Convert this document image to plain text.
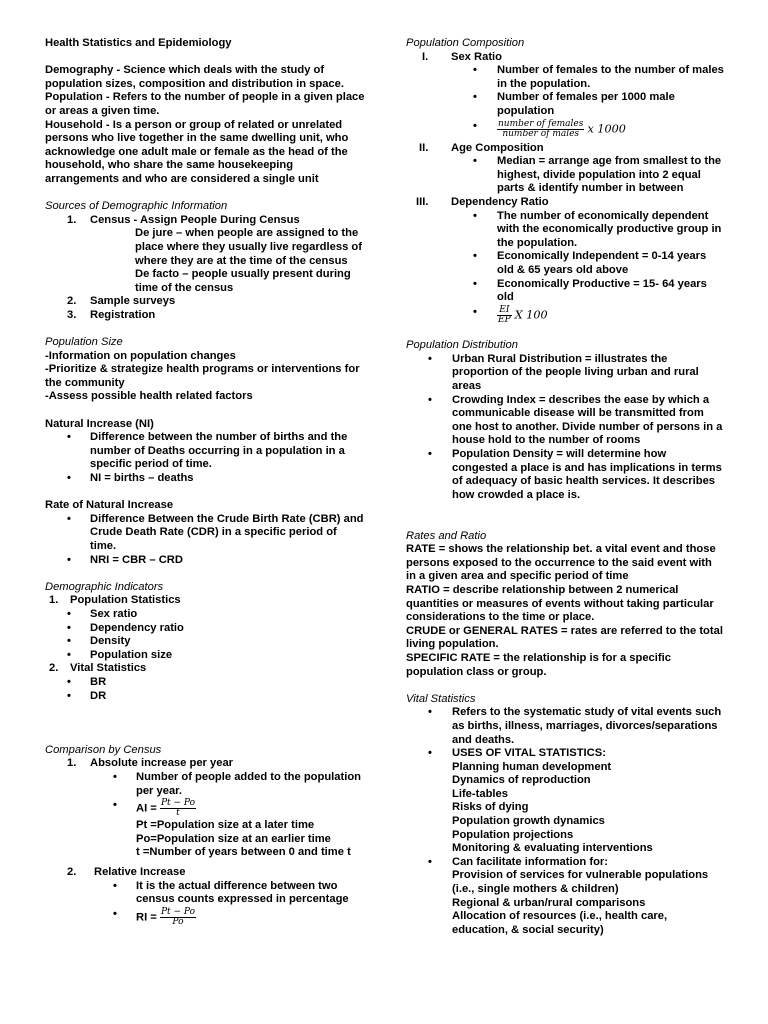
Health Statistics and Epidemiology

Demography - Science which deals with the study of population sizes, composition and distribution in space.

Population - Refers to the number of people in a given place or areas a given time.

Household - Is a person or group of related or unrelated persons who live together in the same dwelling unit, who acknowledge one adult male or female as the head of the household, who share the same housekeeping arrangements and who are considered a single unit

Sources of Demographic Information

1.	Census - Assign People During Census

De jure – when people are assigned to the place where they usually live regardless of where they are at the time of the census

De facto – people usually present during time of the census

2.	Sample surveys
3.	Registration

Population Size

-Information on population changes

-Prioritize & strategize health programs or interventions for the community

-Assess possible health related factors

Natural Increase (NI)

•	Difference between the number of births and the number of Deaths occurring in a population in a specific period of time.
•	NI = births – deaths

Rate of Natural Increase

•	Difference Between the Crude Birth Rate (CBR) and Crude Death Rate (CDR) in a specific period of time.
•	NRI = CBR – CRD

Demographic Indicators

1.	Population Statistics
•	Sex ratio
•	Dependency ratio
•	Density
•	Population size
2.	Vital Statistics
•	BR
•	DR

Comparison by Census

1.	Absolute increase per year
•	Number of people added to the population per year.
•	AI = $\frac{Pt - Po}{t}$

Pt =Population size at a later time

Po=Population size at an earlier time

t =Number of years between 0 and time t

2.	Relative Increase
•	It is the actual difference between two census counts expressed in percentage
•	RI = $\frac{Pt - Po}{Po}$

Population Composition

I.	Sex Ratio
•	Number of females to the number of males in the population.
•	Number of females per 1000 male population
•	$\frac{\text{number of females}}{\text{number of males}}$ x 1000
II.	Age Composition
•	Median = arrange age from smallest to the highest, divide population into 2 equal parts & identify number in between
III.	Dependency Ratio
•	The number of economically dependent with the economically productive group in the population.
•	Economically Independent = 0-14 years old & 65 years old above
•	Economically Productive = 15- 64 years old
•	$\frac{EI}{EP}$ X 100

Population Distribution

•	Urban Rural Distribution = illustrates the proportion of the people living urban and rural areas
•	Crowding Index = describes the ease by which a communicable disease will be transmitted from one host to another. Divide number of persons in a house hold to the number of rooms
•	Population Density = will determine how congested a place is and has implications in terms of adequacy of basic health services. It describes how crowded a place is.

Rates and Ratio

RATE = shows the relationship bet. a vital event and those persons exposed to the occurrence to the said event with in a given area and specific period of time

RATIO = describe relationship between 2 numerical quantities or measures of events without taking particular considerations to the time or place.

CRUDE or GENERAL RATES = rates are referred to the total living population.

SPECIFIC RATE = the relationship is for a specific population class or group.

Vital Statistics

•	Refers to the systematic study of vital events such as births, illness, marriages, divorces/separations and deaths.
•	USES OF VITAL STATISTICS:

Planning human development

Dynamics of reproduction

Life-tables

Risks of dying

Population growth dynamics

Population projections

Monitoring & evaluating interventions

•	Can facilitate information for:

Provision of services for vulnerable populations (i.e., single mothers & children)

Regional & urban/rural comparisons

Allocation of resources (i.e., health care, education, & social security)
